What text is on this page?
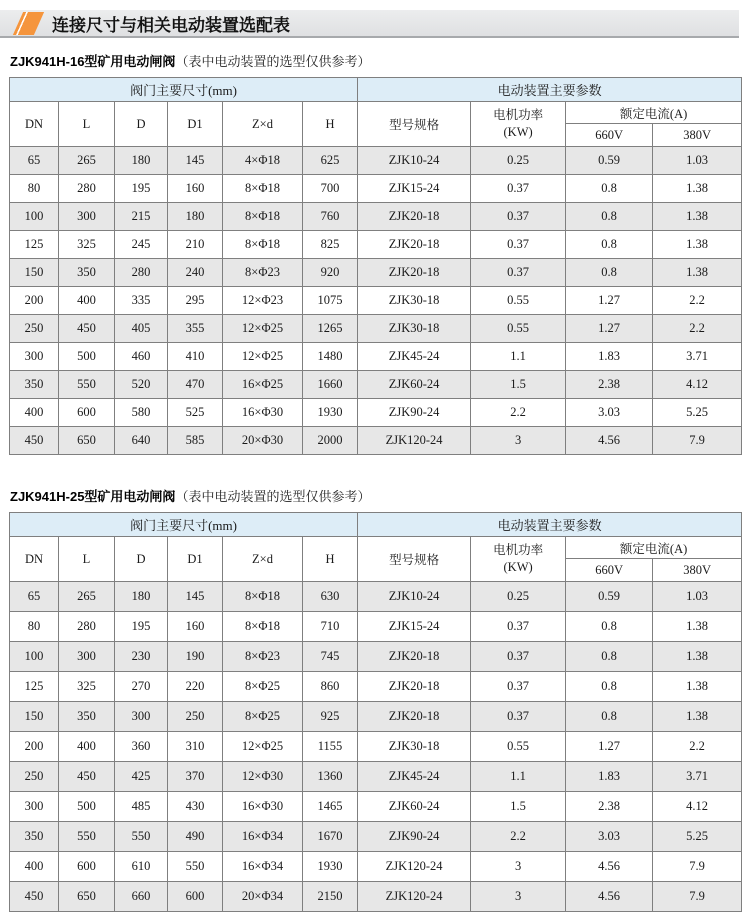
连接尺寸与相关电动装置选配表
ZJK941H-16型矿用电动闸阀（表中电动装置的选型仅供参考）
阀门主要尺寸(mm)						电动装置主要参数			
DN	L	D	D1	Z×d	H	型号规格	电机功率
(KW)	额定电流(A)	
								660V	380V
65	265	180	145	4×Φ18	625	ZJK10-24	0.25	0.59	1.03
80	280	195	160	8×Φ18	700	ZJK15-24	0.37	0.8	1.38
100	300	215	180	8×Φ18	760	ZJK20-18	0.37	0.8	1.38
125	325	245	210	8×Φ18	825	ZJK20-18	0.37	0.8	1.38
150	350	280	240	8×Φ23	920	ZJK20-18	0.37	0.8	1.38
200	400	335	295	12×Φ23	1075	ZJK30-18	0.55	1.27	2.2
250	450	405	355	12×Φ25	1265	ZJK30-18	0.55	1.27	2.2
300	500	460	410	12×Φ25	1480	ZJK45-24	1.1	1.83	3.71
350	550	520	470	16×Φ25	1660	ZJK60-24	1.5	2.38	4.12
400	600	580	525	16×Φ30	1930	ZJK90-24	2.2	3.03	5.25
450	650	640	585	20×Φ30	2000	ZJK120-24	3	4.56	7.9
ZJK941H-25型矿用电动闸阀（表中电动装置的选型仅供参考）
阀门主要尺寸(mm)						电动装置主要参数			
DN	L	D	D1	Z×d	H	型号规格	电机功率
(KW)	额定电流(A)	
								660V	380V
65	265	180	145	8×Φ18	630	ZJK10-24	0.25	0.59	1.03
80	280	195	160	8×Φ18	710	ZJK15-24	0.37	0.8	1.38
100	300	230	190	8×Φ23	745	ZJK20-18	0.37	0.8	1.38
125	325	270	220	8×Φ25	860	ZJK20-18	0.37	0.8	1.38
150	350	300	250	8×Φ25	925	ZJK20-18	0.37	0.8	1.38
200	400	360	310	12×Φ25	1155	ZJK30-18	0.55	1.27	2.2
250	450	425	370	12×Φ30	1360	ZJK45-24	1.1	1.83	3.71
300	500	485	430	16×Φ30	1465	ZJK60-24	1.5	2.38	4.12
350	550	550	490	16×Φ34	1670	ZJK90-24	2.2	3.03	5.25
400	600	610	550	16×Φ34	1930	ZJK120-24	3	4.56	7.9
450	650	660	600	20×Φ34	2150	ZJK120-24	3	4.56	7.9
